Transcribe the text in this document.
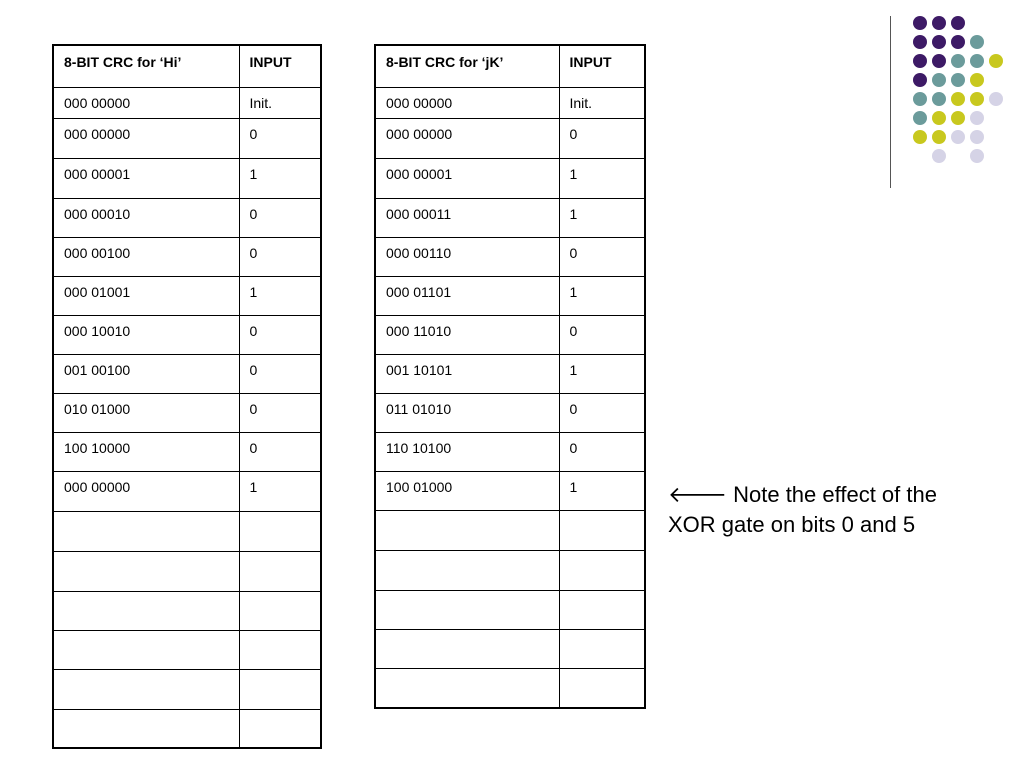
8-BIT CRC for ‘Hi’	INPUT
000 00000	Init.
000 00000	0
000 00001	1
000 00010	0
000 00100	0
000 01001	1
000 10010	0
001 00100	0
010 01000	0
100 10000	0
000 00000	1

8-BIT CRC for ‘jK’	INPUT
000 00000	Init.
000 00000	0
000 00001	1
000 00011	1
000 00110	0
000 01101	1
000 11010	0
001 10101	1
011 01010	0
110 10100	0
100 01000	1

		🡐 Note the effect of the
XOR gate on bits 0 and 5
